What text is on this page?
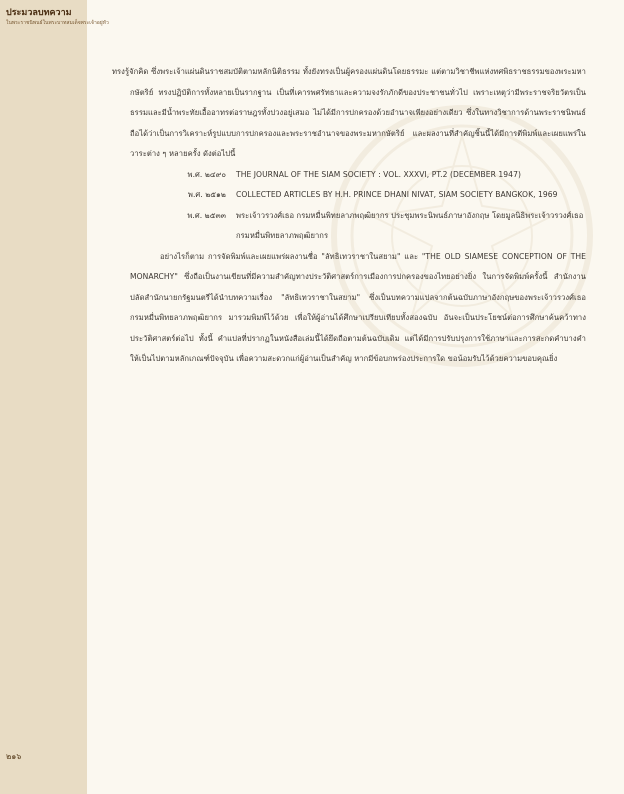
ประมวลบทความ
ในพระราชนิพนธ์ในพระบาทสมเด็จพระเจ้าอยู่หัว
๒๑๖

ทรงรู้จักคิด ซึ่งพระเจ้าแผ่นดินราชสมบัติตามหลักนิติธรรม ทั้งยังทรงเป็นผู้ครองแผ่นดินโดยธรรมะ แต่ตามวิชาชีพแห่งทศพิธราชธรรมของพระมหากษัตริย์ ทรงปฏิบัติการทั้งหลายเป็นรากฐาน เป็นที่เคารพศรัทธาและความจงรักภักดีของประชาชนทั่วไป เพราะเหตุว่ามีพระราชจริยวัตรเป็นธรรมและมีน้ำพระทัยเอื้ออาทรต่อราษฎรทั้งปวงอยู่เสมอ ไม่ได้มีการปกครองด้วยอำนาจเพียงอย่างเดียว ซึ่งในทางวิชาการด้านพระราชนิพนธ์ถือได้ว่าเป็นการวิเคราะห์รูปแบบการปกครองและพระราชอำนาจของพระมหากษัตริย์ และผลงานที่สำคัญชิ้นนี้ได้มีการตีพิมพ์และเผยแพร่ในวาระต่าง ๆ หลายครั้ง ดังต่อไปนี้

พ.ศ. ๒๔๙๐	THE JOURNAL OF THE SIAM SOCIETY : VOL. XXXVI, PT.2 (DECEMBER 1947)
พ.ศ. ๒๕๑๒	COLLECTED ARTICLES BY H.H. PRINCE DHANI NIVAT, SIAM SOCIETY BANGKOK, 1969
พ.ศ. ๒๕๓๓	พระเจ้าวรวงศ์เธอ กรมหมื่นพิทยลาภพฤฒิยากร ประชุมพระนิพนธ์ภาษาอังกฤษ โดยมูลนิธิพระเจ้าวรวงศ์เธอ กรมหมื่นพิทยลาภพฤฒิยากร

อย่างไรก็ตาม การจัดพิมพ์และเผยแพร่ผลงานชื่อ "ลัทธิเทวราชาในสยาม" และ "THE OLD SIAMESE CONCEPTION OF THE MONARCHY" ซึ่งถือเป็นงานเขียนที่มีความสำคัญทางประวัติศาสตร์การเมืองการปกครองของไทยอย่างยิ่ง ในการจัดพิมพ์ครั้งนี้ สำนักงานปลัดสำนักนายกรัฐมนตรีได้นำบทความเรื่อง "ลัทธิเทวราชาในสยาม" ซึ่งเป็นบทความแปลจากต้นฉบับภาษาอังกฤษของพระเจ้าวรวงศ์เธอ กรมหมื่นพิทยลาภพฤฒิยากร มารวมพิมพ์ไว้ด้วย เพื่อให้ผู้อ่านได้ศึกษาเปรียบเทียบทั้งสองฉบับ อันจะเป็นประโยชน์ต่อการศึกษาค้นคว้าทางประวัติศาสตร์ต่อไป ทั้งนี้ คำแปลที่ปรากฏในหนังสือเล่มนี้ได้ยึดถือตามต้นฉบับเดิม แต่ได้มีการปรับปรุงการใช้ภาษาและการสะกดคำบางคำให้เป็นไปตามหลักเกณฑ์ปัจจุบัน เพื่อความสะดวกแก่ผู้อ่านเป็นสำคัญ หากมีข้อบกพร่องประการใด ขอน้อมรับไว้ด้วยความขอบคุณยิ่ง
